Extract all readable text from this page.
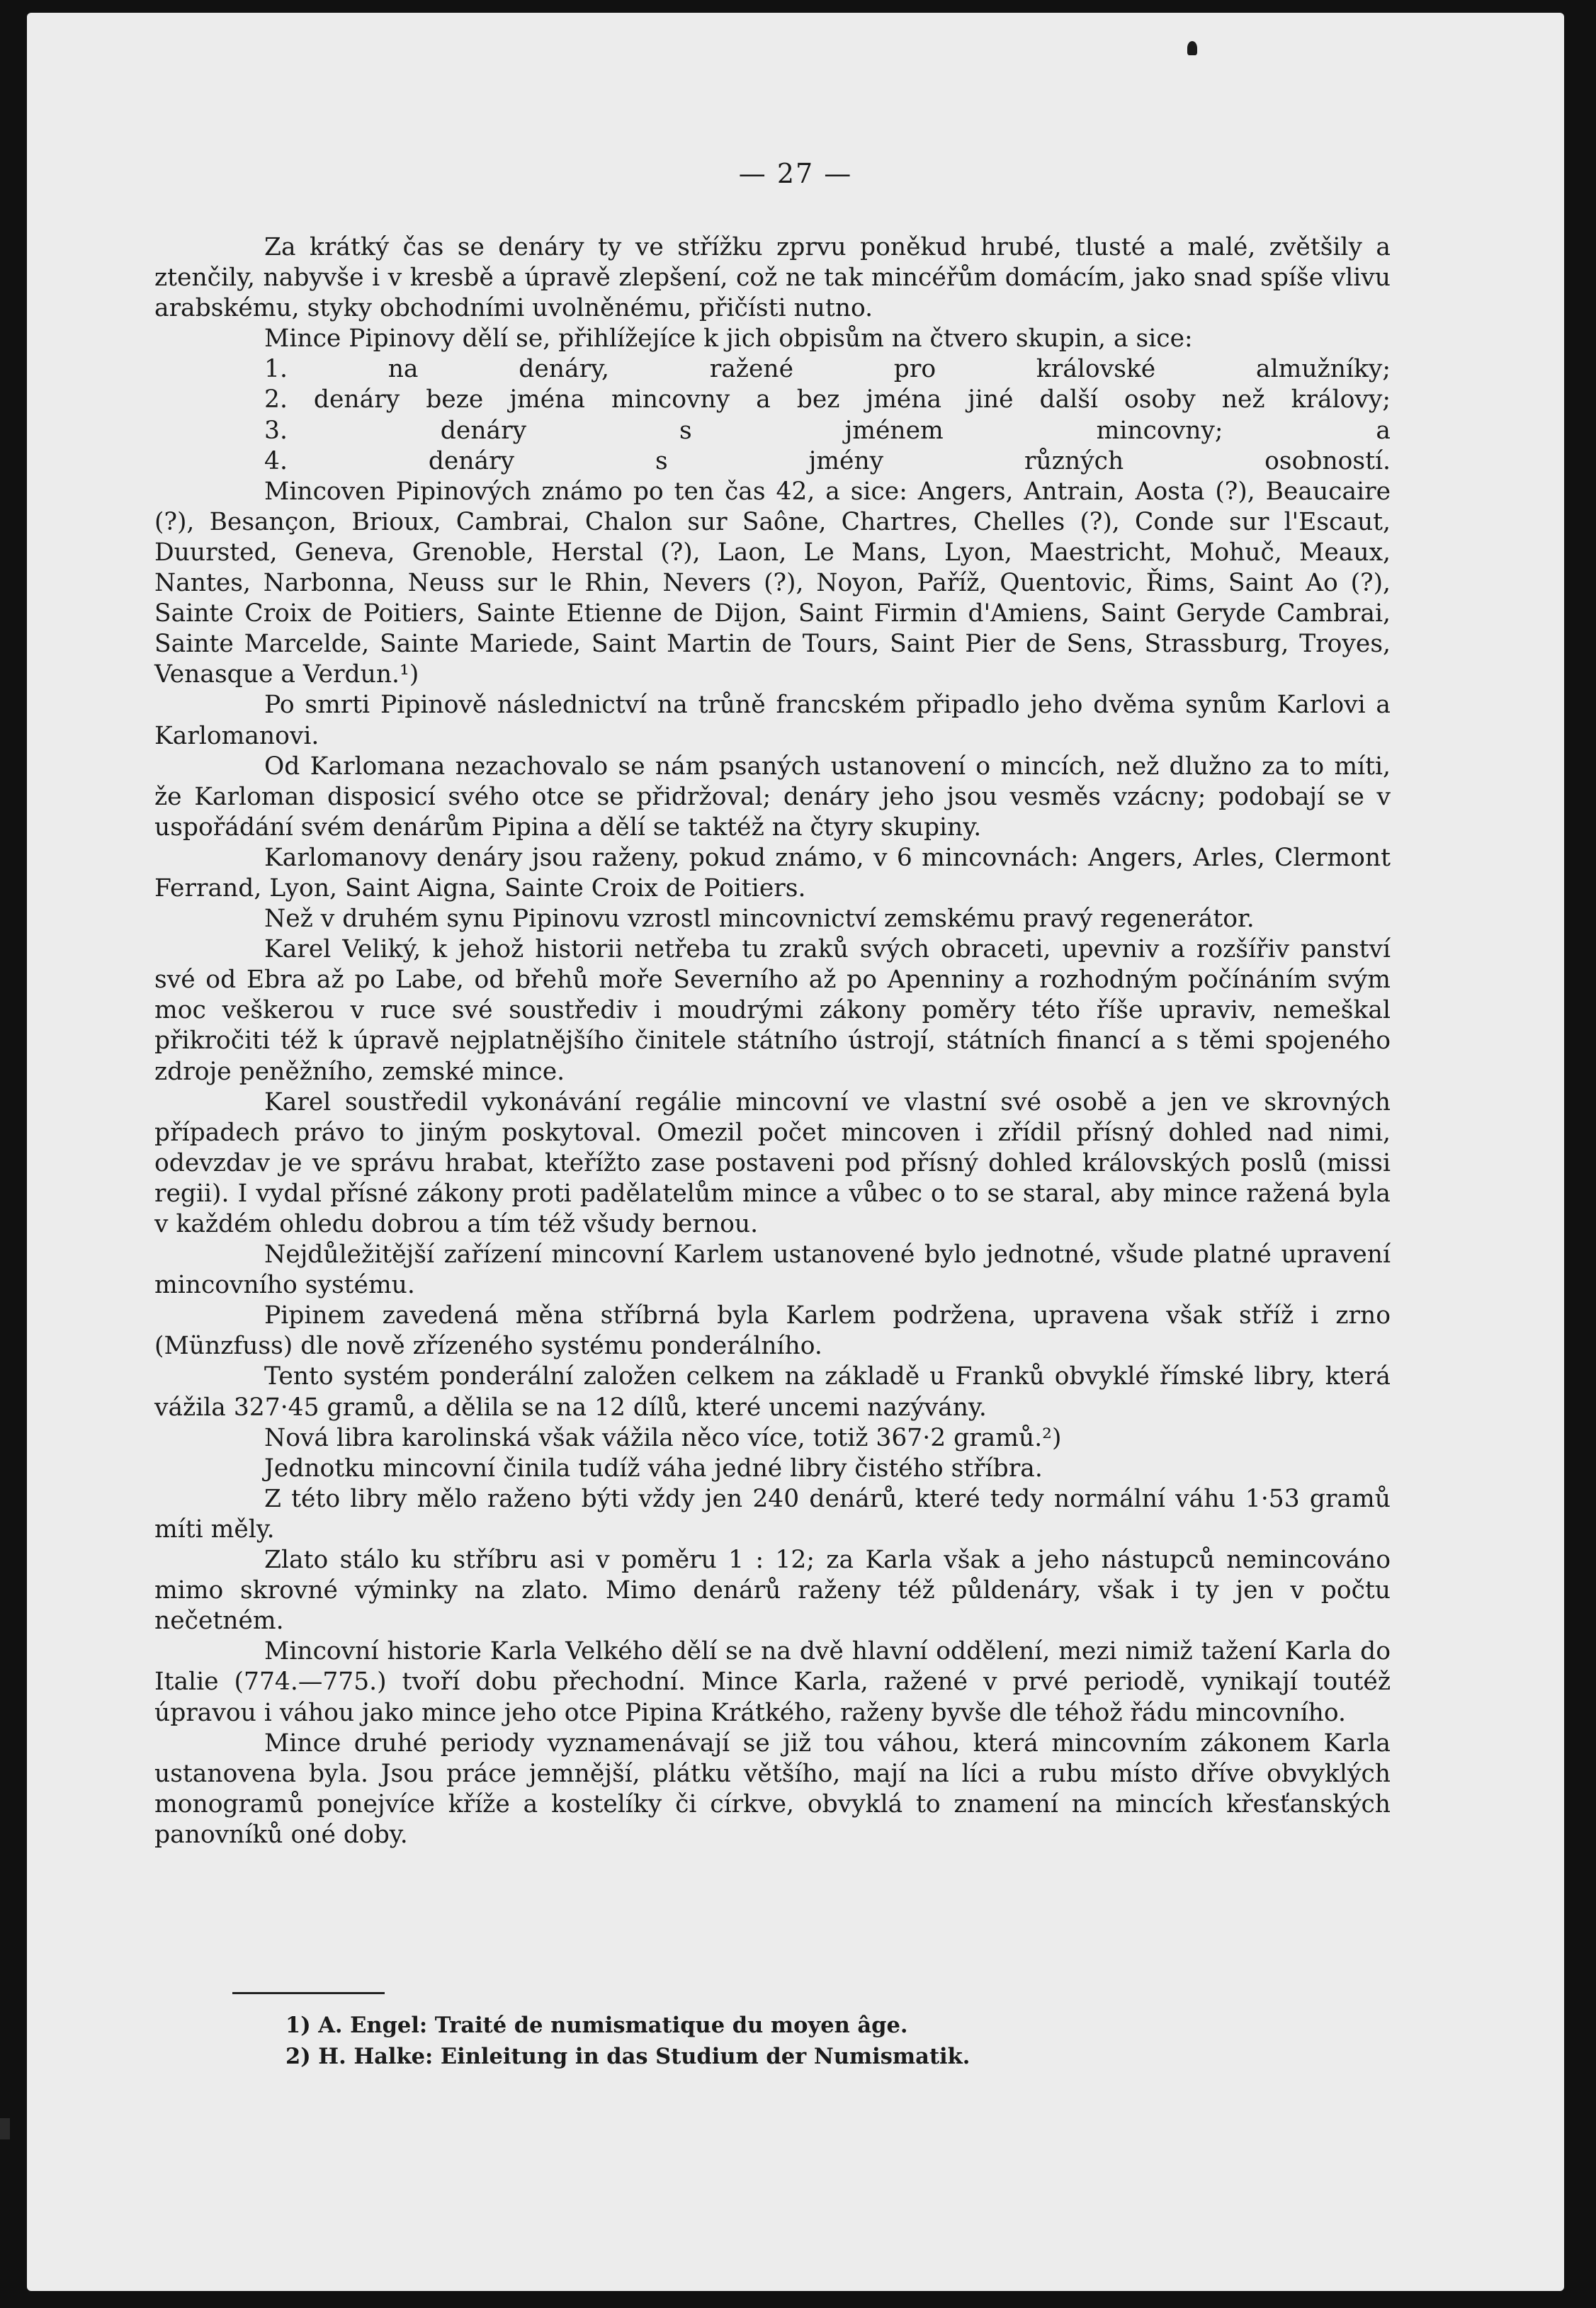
— 27 —

Za krátký čas se denáry ty ve střížku zprvu poněkud hrubé, tlusté a malé, zvětšily a ztenčily, nabyvše i v kresbě a úpravě zlepšení, což ne tak mincéřům domácím, jako snad spíše vlivu arabskému, styky obchodními uvolněnému, přičísti nutno.

Mince Pipinovy dělí se, přihlížejíce k jich obpisům na čtvero skupin, a sice:

1. na denáry, ražené pro královské almužníky;

2. denáry beze jména mincovny a bez jména jiné další osoby než královy;

3. denáry s jménem mincovny; a

4. denáry s jmény různých osobností.

Mincoven Pipinových známo po ten čas 42, a sice: Angers, Antrain, Aosta (?), Beaucaire (?), Besançon, Brioux, Cambrai, Chalon sur Saône, Chartres, Chelles (?), Conde sur l'Escaut, Duursted, Geneva, Grenoble, Herstal (?), Laon, Le Mans, Lyon, Maestricht, Mohuč, Meaux, Nantes, Narbonna, Neuss sur le Rhin, Nevers (?), Noyon, Paříž, Quentovic, Řims, Saint Ao (?), Sainte Croix de Poitiers, Sainte Etienne de Dijon, Saint Firmin d'Amiens, Saint Geryde Cambrai, Sainte Marcelde, Sainte Mariede, Saint Martin de Tours, Saint Pier de Sens, Strassburg, Troyes, Venasque a Verdun.¹)

Po smrti Pipinově následnictví na trůně francském připadlo jeho dvěma synům Karlovi a Karlomanovi.

Od Karlomana nezachovalo se nám psaných ustanovení o mincích, než dlužno za to míti, že Karloman disposicí svého otce se přidržoval; denáry jeho jsou vesměs vzácny; podobají se v uspořádání svém denárům Pipina a dělí se taktéž na čtyry skupiny.

Karlomanovy denáry jsou raženy, pokud známo, v 6 mincovnách: Angers, Arles, Clermont Ferrand, Lyon, Saint Aigna, Sainte Croix de Poitiers.

Než v druhém synu Pipinovu vzrostl mincovnictví zemskému pravý regenerátor.

Karel Veliký, k jehož historii netřeba tu zraků svých obraceti, upevniv a rozšířiv panství své od Ebra až po Labe, od břehů moře Severního až po Apenniny a rozhodným počínáním svým moc veškerou v ruce své soustřediv i moudrými zákony poměry této říše upraviv, nemeškal přikročiti též k úpravě nejplatnějšího činitele státního ústrojí, státních financí a s těmi spojeného zdroje peněžního, zemské mince.

Karel soustředil vykonávání regálie mincovní ve vlastní své osobě a jen ve skrovných případech právo to jiným poskytoval. Omezil počet mincoven i zřídil přísný dohled nad nimi, odevzdav je ve správu hrabat, kteřížto zase postaveni pod přísný dohled královských poslů (missi regii). I vydal přísné zákony proti padělatelům mince a vůbec o to se staral, aby mince ražená byla v každém ohledu dobrou a tím též všudy bernou.

Nejdůležitější zařízení mincovní Karlem ustanovené bylo jednotné, všude platné upravení mincovního systému.

Pipinem zavedená měna stříbrná byla Karlem podržena, upravena však stříž i zrno (Münzfuss) dle nově zřízeného systému ponderálního.

Tento systém ponderální založen celkem na základě u Franků obvyklé římské libry, která vážila 327·45 gramů, a dělila se na 12 dílů, které uncemi nazývány.

Nová libra karolinská však vážila něco více, totiž 367·2 gramů.²)

Jednotku mincovní činila tudíž váha jedné libry čistého stříbra.

Z této libry mělo raženo býti vždy jen 240 denárů, které tedy normální váhu 1·53 gramů míti měly.

Zlato stálo ku stříbru asi v poměru 1 : 12; za Karla však a jeho nástupců nemincováno mimo skrovné výminky na zlato. Mimo denárů raženy též půldenáry, však i ty jen v počtu nečetném.

Mincovní historie Karla Velkého dělí se na dvě hlavní oddělení, mezi nimiž tažení Karla do Italie (774.—775.) tvoří dobu přechodní. Mince Karla, ražené v prvé periodě, vynikají toutéž úpravou i váhou jako mince jeho otce Pipina Krátkého, raženy byvše dle téhož řádu mincovního.

Mince druhé periody vyznamenávají se již tou váhou, která mincovním zákonem Karla ustanovena byla. Jsou práce jemnější, plátku většího, mají na líci a rubu místo dříve obvyklých monogramů ponejvíce kříže a kostelíky či církve, obvyklá to znamení na mincích křesťanských panovníků oné doby.

1) A. Engel: Traité de numismatique du moyen âge.

2) H. Halke: Einleitung in das Studium der Numismatik.
